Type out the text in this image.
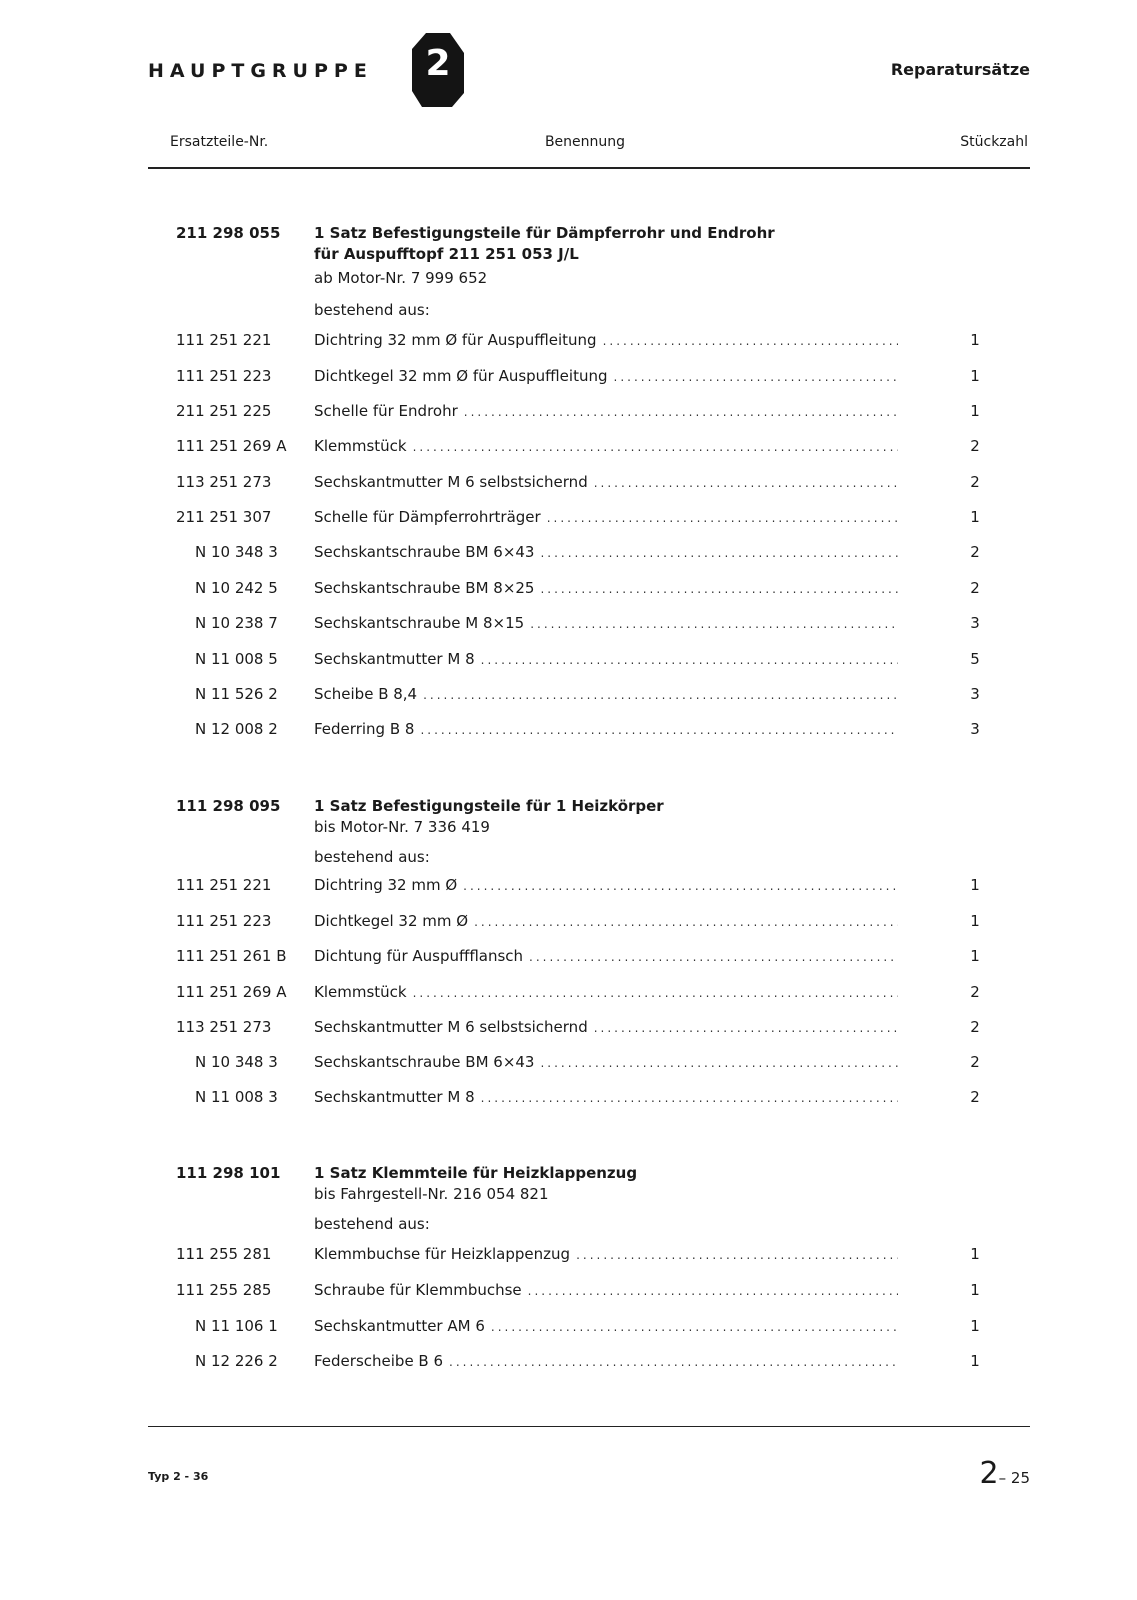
HAUPTGRUPPE	2	Reparatursätze
Ersatzteile-Nr.	Benennung	Stückzahl
211 298 055 1 Satz Befestigungsteile für Dämpferrohr und Endrohr
für Auspufftopf 211 251 053 J/L
ab Motor-Nr. 7 999 652
bestehend aus:
111 251 221	Dichtring 32 mm Ø für Auspuffleitung .....	1
111 251 223	Dichtkegel 32 mm Ø für Auspuffleitung .....	1
211 251 225	Schelle für Endrohr .....	1
111 251 269 A Klemmstück .....	2
113 251 273	Sechskantmutter M 6 selbstsichernd .....	2
211 251 307	Schelle für Dämpferrohrträger .....	1
N 10 348 3 Sechskantschraube BM 6×43 .....	2
N 10 242 5 Sechskantschraube BM 8×25 .....	2
N 10 238 7 Sechskantschraube M 8×15 .....	3
N 11 008 5 Sechskantmutter M 8 .....	5
N 11 526 2 Scheibe B 8,4 .....	3
N 12 008 2 Federring B 8 .....	3
111 298 095 1 Satz Befestigungsteile für 1 Heizkörper
bis Motor-Nr. 7 336 419
bestehend aus:
111 251 221	Dichtring 32 mm Ø .....	1
111 251 223	Dichtkegel 32 mm Ø .....	1
111 251 261 B Dichtung für Auspuffflansch .....	1
111 251 269 A Klemmstück .....	2
113 251 273	Sechskantmutter M 6 selbstsichernd .....	2
N 10 348 3 Sechskantschraube BM 6×43 .....	2
N 11 008 3 Sechskantmutter M 8 .....	2
111 298 101 1 Satz Klemmteile für Heizklappenzug
bis Fahrgestell-Nr. 216 054 821
bestehend aus:
111 255 281	Klemmbuchse für Heizklappenzug .....	1
111 255 285	Schraube für Klemmbuchse .....	1
N 11 106 1 Sechskantmutter AM 6 .....	1
N 12 226 2 Federscheibe B 6 .....	1
Typ 2 - 36	2– 25
